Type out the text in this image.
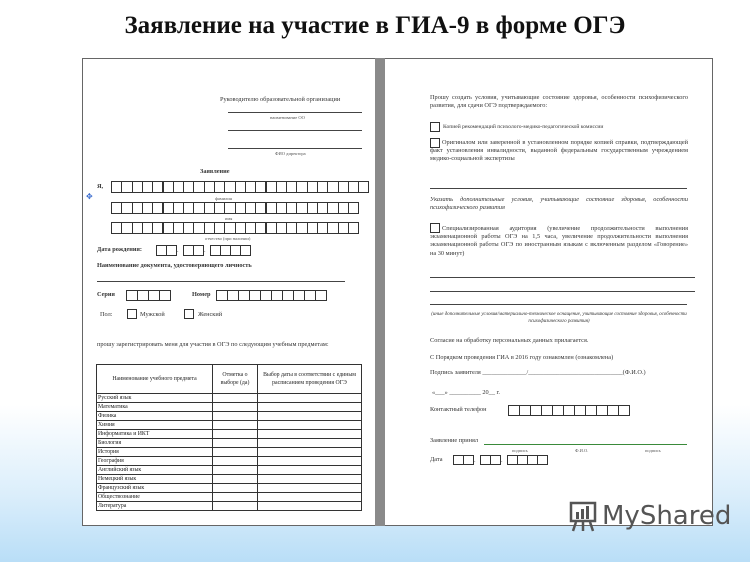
Заявление на участие в ГИА-9 в форме ОГЭ
Руководителю образовательной организации
наименование ОО
ФИО директора
Заявление
Я,
✥	фамилия
имя
отчество (при наличии)
Дата рождения:	.	.
Наименование документа, удостоверяющего личность
Серия	Номер
Пол:	Мужской	Женский
прошу зарегистрировать меня для участия в ОГЭ по следующим учебным предметам:
Наименование учебного предмета	Отметка о выборе (да)	Выбор даты в соответствии с единым расписанием проведения ОГЭ
Русский язык		
Математика		
Физика		
Химия		
Информатика и ИКТ		
Биология		
История		
География		
Английский язык		
Немецкий язык		
Французский язык		
Обществознание		
Литература		
Прошу создать условия, учитывающие состояние здоровья, особенности психофизического развития, для сдачи ОГЭ подтверждаемого:
Копией рекомендаций психолого-медико-педагогической комиссии
Оригиналом или заверенной в установленном порядке копией справки, подтверждающей факт установления инвалидности, выданной федеральным государственным учреждением медико-социальной экспертизы
Указать дополнительные условия, учитывающие состояние здоровья, особенности психофизического развития
Специализированная аудитория (увеличение продолжительности выполнения экзаменационной работы ОГЭ на 1,5 часа, увеличение продолжительности выполнения экзаменационной работы ОГЭ по иностранным языкам с включенным разделом «Говорение» на 30 минут)
(иные дополнительные условия/материально-техническое оснащение, учитывающие состояние здоровья, особенности психофизического развития)
Согласие на обработку персональных данных прилагается.
С Порядком проведения ГИА в 2016 году ознакомлен (ознакомлена)
Подпись заявителя ______________/______________________________(Ф.И.О.)
«___» __________ 20__ г.
Контактный телефон
Заявление принял
подпись	Ф.И.О.	подпись
Дата	.	.
MyShared
